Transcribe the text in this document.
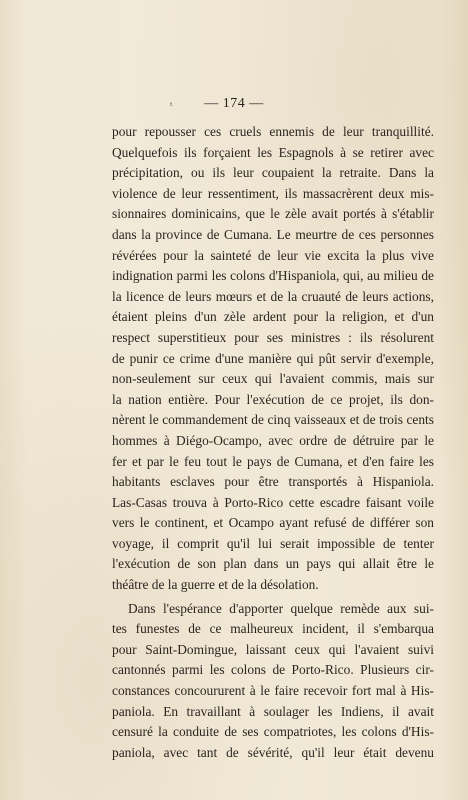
ₜ	— 174 —
pour repousser ces cruels ennemis de leur tranquillité.
Quelquefois ils forçaient les Espagnols à se retirer avec
précipitation, ou ils leur coupaient la retraite. Dans la
violence de leur ressentiment, ils massacrèrent deux mis-
sionnaires dominicains, que le zèle avait portés à s'établir
dans la province de Cumana. Le meurtre de ces personnes
révérées pour la sainteté de leur vie excita la plus vive
indignation parmi les colons d'Hispaniola, qui, au milieu de
la licence de leurs mœurs et de la cruauté de leurs actions,
étaient pleins d'un zèle ardent pour la religion, et d'un
respect superstitieux pour ses ministres : ils résolurent
de punir ce crime d'une manière qui pût servir d'exemple,
non-seulement sur ceux qui l'avaient commis, mais sur
la nation entière. Pour l'exécution de ce projet, ils don-
nèrent le commandement de cinq vaisseaux et de trois cents
hommes à Diégo-Ocampo, avec ordre de détruire par le
fer et par le feu tout le pays de Cumana, et d'en faire les
habitants esclaves pour être transportés à Hispaniola.
Las-Casas trouva à Porto-Rico cette escadre faisant voile
vers le continent, et Ocampo ayant refusé de différer son
voyage, il comprit qu'il lui serait impossible de tenter
l'exécution de son plan dans un pays qui allait être le
théâtre de la guerre et de la désolation.
Dans l'espérance d'apporter quelque remède aux sui-
tes funestes de ce malheureux incident, il s'embarqua
pour Saint-Domingue, laissant ceux qui l'avaient suivi
cantonnés parmi les colons de Porto-Rico. Plusieurs cir-
constances concoururent à le faire recevoir fort mal à His-
paniola. En travaillant à soulager les Indiens, il avait
censuré la conduite de ses compatriotes, les colons d'His-
paniola, avec tant de sévérité, qu'il leur était devenu
